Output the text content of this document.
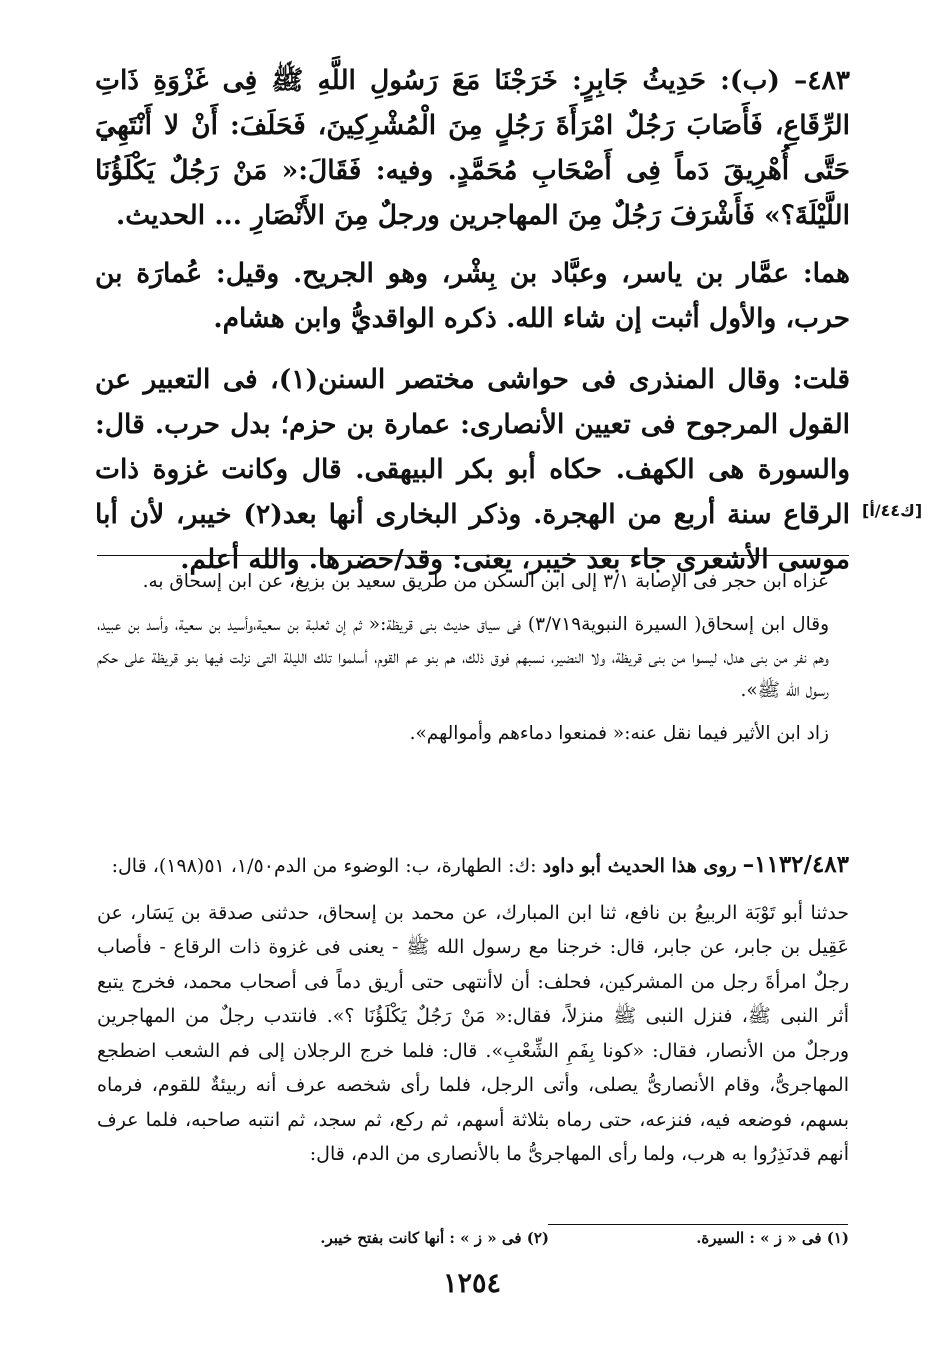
٤٨٣– (ب): حَدِيثُ جَابِرٍ: خَرَجْنَا مَعَ رَسُولِ اللَّهِ ﷺ فِى غَزْوَةِ ذَاتِ الرِّقَاعِ، فَأَصَابَ رَجُلٌ امْرَأَةَ رَجُلٍ مِنَ الْمُشْرِكِينَ، فَحَلَفَ: أَنْ لا أَنْتَهِيَ حَتَّى أُهْرِيقَ دَماً فِى أَصْحَابِ مُحَمَّدٍ. وفيه: فَقَالَ:« مَنْ رَجُلٌ يَكْلَؤُنَا اللَّيْلَةَ؟» فَأَشْرَفَ رَجُلٌ مِنَ المهاجرين ورجلٌ مِنَ الأَنْصَارِ ... الحديث.

هما: عمَّار بن ياسر، وعبَّاد بن بِشْر، وهو الجريح. وقيل: عُمارَة بن حرب، والأول أثبت إن شاء الله. ذكره الواقديُّ وابن هشام.

قلت: وقال المنذرى فى حواشى مختصر السنن(١)، فى التعبير عن القول المرجوح فى تعيين الأنصارى: عمارة بن حزم؛ بدل حرب. قال: والسورة هى الكهف. حكاه أبو بكر البيهقى. قال وكانت غزوة ذات الرقاع سنة أربع من الهجرة. وذكر البخارى أنها بعد(٢) خيبر، لأن أبا موسى الأشعرى جاء بعد خيبر، يعنى: وقد/حضرها. والله أعلم.

[ك٤٤/أ]

عزاه ابن حجر فى الإصابة ٣/١ إلى ابن السكن من طريق سعيد بن بزيغ، عن ابن إسحاق به.

وقال ابن إسحاق( السيرة النبوية٣/٧١٩) فى سياق حديث بنى قريظة:« ثم إن ثعلبة بن سعية،وأسيد بن سعية، وأسد بن عبيد، وهم نفر من بنى هدل، ليسوا من بنى قريظة، ولا النضير، نسبهم فوق ذلك، هم بنو عم القوم، أسلموا تلك الليلة التى نزلت فيها بنو قريظة على حكم رسول الله ﷺ».

زاد ابن الأثير فيما نقل عنه:« فمنعوا دماءهم وأموالهم».

١١٣٢/٤٨٣– روى هذا الحديث أبو داود :ك: الطهارة، ب: الوضوء من الدم١/٥٠، ٥١(١٩٨)، قال:

حدثنا أبو تَوْبَة الربيعُ بن نافع، ثنا ابن المبارك، عن محمد بن إسحاق، حدثنى صدقة بن يَسَار، عن عَقِيل بن جابر، عن جابر، قال: خرجنا مع رسول الله ﷺ - يعنى فى غزوة ذات الرقاع - فأصاب رجلٌ امرأةَ رجل من المشركين، فحلف: أن لاأنتهى حتى أريق دماً فى أصحاب محمد، فخرج يتبع أثر النبى ﷺ، فنزل النبى ﷺ منزلاً، فقال:« مَنْ رَجُلٌ يَكْلَؤُنَا ؟». فانتدب رجلٌ من المهاجرين ورجلٌ من الأنصار، فقال: «كونا بِفَمِ الشِّعْبِ». قال: فلما خرج الرجلان إلى فم الشعب اضطجع المهاجرىُّ، وقام الأنصارىُّ يصلى، وأتى الرجل، فلما رأى شخصه عرف أنه ربيئةٌ للقوم، فرماه بسهم، فوضعه فيه، فنزعه، حتى رماه بثلاثة أسهم، ثم ركع، ثم سجد، ثم انتبه صاحبه، فلما عرف أنهم قدنَذِرُوا به هرب، ولما رأى المهاجرىُّ ما بالأنصارى من الدم، قال:

(١) فى « ز » : السيرة.
(٢) فى « ز » : أنها كانت بفتح خيبر.
١٢٥٤
